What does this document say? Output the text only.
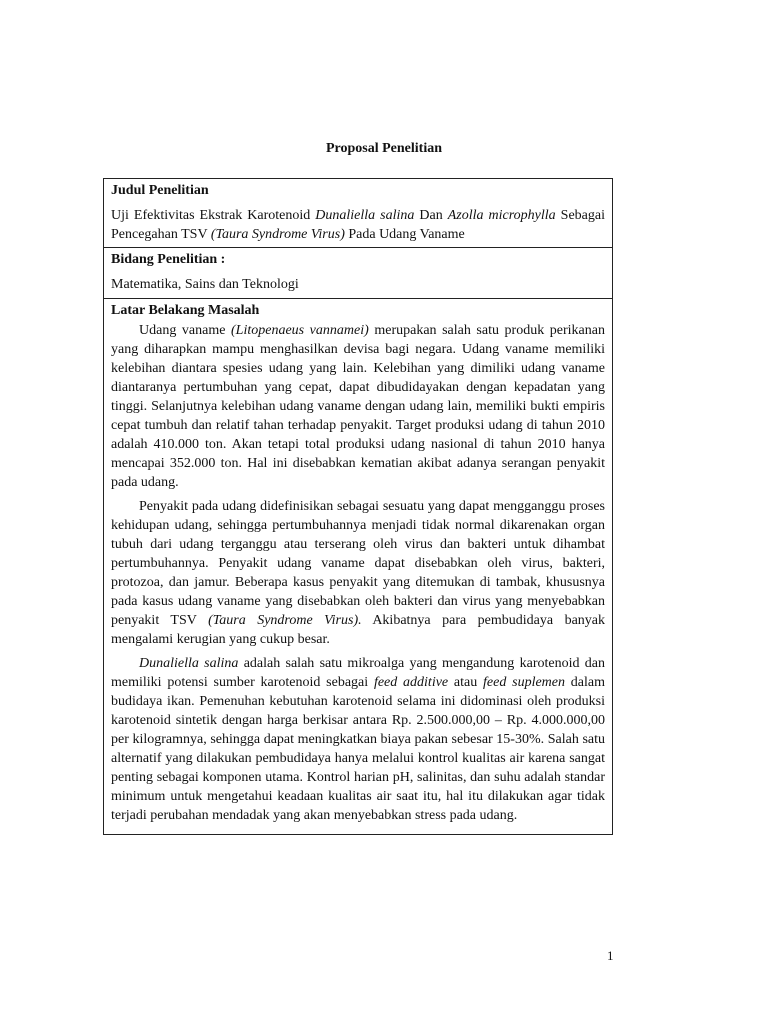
Proposal Penelitian
Judul Penelitian
Uji Efektivitas Ekstrak Karotenoid Dunaliella salina Dan Azolla microphylla Sebagai Pencegahan TSV (Taura Syndrome Virus) Pada Udang Vaname

Bidang Penelitian :
Matematika, Sains dan Teknologi

Latar Belakang Masalah

Udang vaname (Litopenaeus vannamei) merupakan salah satu produk perikanan yang diharapkan mampu menghasilkan devisa bagi negara. Udang vaname memiliki kelebihan diantara spesies udang yang lain. Kelebihan yang dimiliki udang vaname diantaranya pertumbuhan yang cepat, dapat dibudidayakan dengan kepadatan yang tinggi. Selanjutnya kelebihan udang vaname dengan udang lain, memiliki bukti empiris cepat tumbuh dan relatif tahan terhadap penyakit. Target produksi udang di tahun 2010 adalah 410.000 ton. Akan tetapi total produksi udang nasional di tahun 2010 hanya mencapai 352.000 ton. Hal ini disebabkan kematian akibat adanya serangan penyakit pada udang.

Penyakit pada udang didefinisikan sebagai sesuatu yang dapat mengganggu proses kehidupan udang, sehingga pertumbuhannya menjadi tidak normal dikarenakan organ tubuh dari udang terganggu atau terserang oleh virus dan bakteri untuk dihambat pertumbuhannya. Penyakit udang vaname dapat disebabkan oleh virus, bakteri, protozoa, dan jamur. Beberapa kasus penyakit yang ditemukan di tambak, khususnya pada kasus udang vaname yang disebabkan oleh bakteri dan virus yang menyebabkan penyakit TSV (Taura Syndrome Virus). Akibatnya para pembudidaya banyak mengalami kerugian yang cukup besar.

Dunaliella salina adalah salah satu mikroalga yang mengandung karotenoid dan memiliki potensi sumber karotenoid sebagai feed additive atau feed suplemen dalam budidaya ikan. Pemenuhan kebutuhan karotenoid selama ini didominasi oleh produksi karotenoid sintetik dengan harga berkisar antara Rp. 2.500.000,00 – Rp. 4.000.000,00 per kilogramnya, sehingga dapat meningkatkan biaya pakan sebesar 15-30%. Salah satu alternatif yang dilakukan pembudidaya hanya melalui kontrol kualitas air karena sangat penting sebagai komponen utama. Kontrol harian pH, salinitas, dan suhu adalah standar minimum untuk mengetahui keadaan kualitas air saat itu, hal itu dilakukan agar tidak terjadi perubahan mendadak yang akan menyebabkan stress pada udang.

1
